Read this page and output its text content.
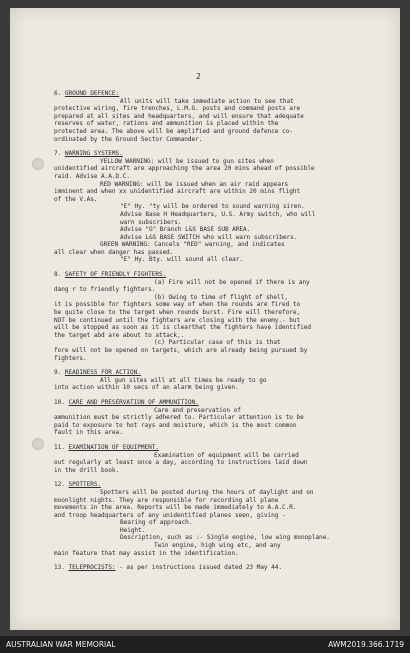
2
6. GROUND DEFENCE:
All units will take immediate action to see that
protective wiring, fire trenches, L.M.G. posts and command posts are
prepared at all sites and headquarters, and will ensure that adequate
reserves of water, rations and ammunition is placed within the
protected area. The above will be amplified and ground defence co-
ordinated by the Ground Sector Commander.
7. WARNING SYSTEMS.
YELLOW WARNING: will be issued to gun sites when
unidentified aircraft are approaching the area 20 mins ahead of possible
raid. Advise A.A.D.C.
RED WARNING: will be issued when an air raid appears
imminent and when xx unidentified aircraft are within 20 mins flight
of the V.As.
"E" Hy. "ty will be ordered to sound warning siren.
Advise Base H Headquarters, U.S. Army switch, who will
warn subscribers.
Advise "G" Branch L&S BASE SUB AREA.
Advise L&S BASE SWITCH who will warn subscribers.
GREEN WARNING: Cancels "RED" warning, and indicates
all clear when danger has passed.
"E" Hy. Bty. will sound all clear.
8. SAFETY OF FRIENDLY FIGHTERS.
(a) Fire will not be opened if there is any
dang r to friendly fighters.
(b) Owing to time of flight of shell,
it is possible for fighters some way of when the rounds are fired to
be quite close to the target when rounds burst. Fire will therefore,
NOT be continued until the fighters are closing with the enemy.- but
will be stopped as soon as it is clearthat the fighters have identified
the target abd are about to attack,.
(c) Particular case of this is that
fore will not be opened on targets, which are already being pursued by
fighters.
9. READINESS FOR ACTION.
All gun sites will at all times be ready to go
into action within 10 secs of an alarm being given.
10. CARE AND PRESERVATION OF AMMUNITION.
Care and preservation of
ammunition must be strictly adhered to. Particular attention is to be
paid to exposure to hot rays and moisture, which is the most common
fault in this area.
11. EXAMINATION OF EQUIPMENT.
Examination of equipment will be carried
out regularly at least once a day, according to instructions laid down
in the drill book.
12. SPOTTERS.
Spotters will be posted during the hours of daylight and on
moonlight nights. They are responsible for recording all plane
movements in the area. Reports will be made immediately to A.A.C.R.
and troop headquarters of any unidentified planes seen, giving -
Bearing of approach.
Height.
Description, such as :- Single engine, low wing monoplane.
Twin engine, high wing etc, and any
main feature that may assist in the identification.
13. TELEPROCISTS: - as per instructions issued dated 23 May 44.
AUSTRALIAN WAR MEMORIAL	AWM2019.366.1719
